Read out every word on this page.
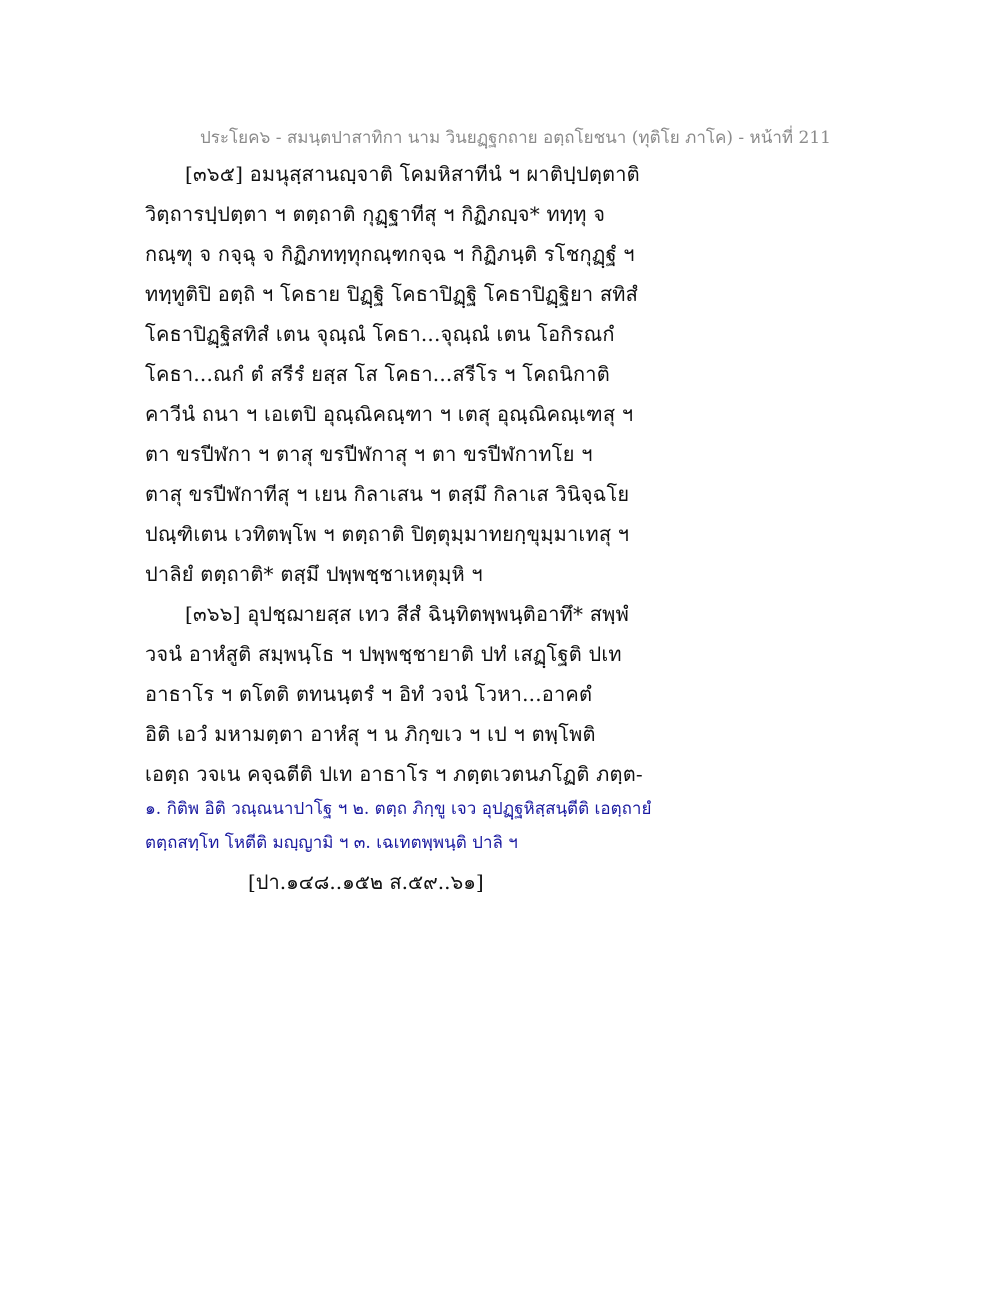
ประโยค๖ - สมนฺตปาสาทิกา นาม วินยฏฺฐกถาย อตฺถโยชนา (ทุติโย ภาโค) - หน้าที่ 211
[๓๖๕] อมนุสฺสานญฺจาติ โคมหิสาทีนํ ฯ ผาติปฺปตฺตาติ
วิตฺถารปฺปตฺตา ฯ ตตฺถาติ กุฏฺฐาทีสุ ฯ กิฏิภญฺจ* ททฺทุ จ
กณฺฑุ จ กจฺฉุ จ กิฏิภททฺทุกณฺฑกจฺฉ ฯ กิฏิภนฺติ รโชกุฏฺฐํ ฯ
ททฺทูติปิ อตฺถิ ฯ โคธาย ปิฏฺฐิ โคธาปิฏฺฐิ โคธาปิฏฺฐิยา สทิสํ
โคธาปิฏฺฐิสทิสํ เตน จุณฺณํ โคธา...จุณฺณํ เตน โอกิรณกํ
โคธา...ณกํ ตํ สรีรํ ยสฺส โส โคธา...สรีโร ฯ โคถนิกาติ
คาวีนํ ถนา ฯ เอเตปิ อุณฺณิคณฺฑา ฯ เตสุ อุณฺณิคณฺเฑสุ ฯ
ตา ขรปีฬกา ฯ ตาสุ ขรปีฬกาสุ ฯ ตา ขรปีฬกาทโย ฯ
ตาสุ ขรปีฬกาทีสุ ฯ เยน กิลาเสน ฯ ตสฺมึ กิลาเส วินิจฺฉโย
ปณฺฑิเตน เวทิตพฺโพ ฯ ตตฺถาติ ปิตฺตุมฺมาทยกฺขุมฺมาเทสุ ฯ
ปาลิยํ ตตฺถาติ* ตสฺมึ ปพฺพชฺชาเหตุมฺหิ ฯ
[๓๖๖] อุปชฺฌายสฺส เทว สีสํ ฉินฺทิตพฺพนฺติอาทึ* สพฺพํ
วจนํ อาหํสูติ สมฺพนฺโธ ฯ ปพฺพชฺชายาติ ปทํ เสฏฺโฐติ ปเท
อาธาโร ฯ ตโตติ ตทนนฺตรํ ฯ อิทํ วจนํ โวหา...อาคตํ
อิติ เอวํ มหามตฺตา อาหํสุ ฯ น ภิกฺขเว ฯ เป ฯ ตพฺโพติ
เอตฺถ วจเน คจฺฉตีติ ปเท อาธาโร ฯ ภตฺตเวตนภโฏติ ภตฺต-
๑. กิติพ อิติ วณฺณนาปาโฐ ฯ ๒. ตตฺถ ภิกฺขู เจว อุปฏฺฐหิสฺสนฺตีติ เอตฺถายํ
ตตฺถสทฺโท โหตีติ มญฺญามิ ฯ ๓. เฉเทตพฺพนฺติ ปาลิ ฯ
[ปา.๑๔๘..๑๕๒ ส.๕๙..๖๑]
